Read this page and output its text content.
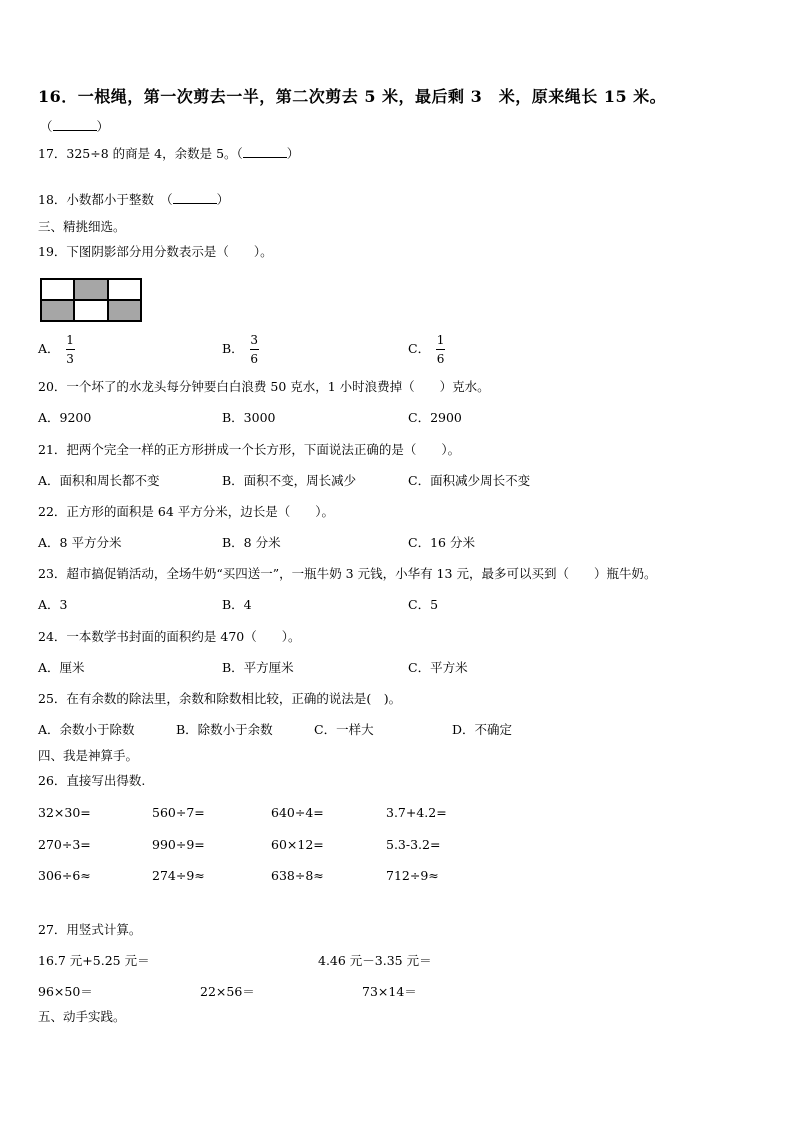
16．一根绳，第一次剪去一半，第二次剪去 5 米，最后剩 3　米，原来绳长 15 米。
（	）
17．325÷8 的商是 4，余数是 5。（	）
18．小数都小于整数　（	）
三、精挑细选。
19．下图阴影部分用分数表示是（　　）。
A． $\frac{1}{3}$	B． $\frac{3}{6}$	C． $\frac{1}{6}$
20．一个坏了的水龙头每分钟要白白浪费 50 克水，1 小时浪费掉（　　）克水。
A．9200	B．3000	C．2900
21．把两个完全一样的正方形拼成一个长方形，下面说法正确的是（　　）。
A．面积和周长都不变	B．面积不变，周长减少	C．面积减少周长不变
22．正方形的面积是 64 平方分米，边长是（　　）。
A．8 平方分米	B．8 分米	C．16 分米
23．超市搞促销活动，全场牛奶“买四送一”，一瓶牛奶 3 元钱，小华有 13 元，最多可以买到（　　）瓶牛奶。
A．3	B．4	C．5
24．一本数学书封面的面积约是 470（　　）。
A．厘米	B．平方厘米	C．平方米
25．在有余数的除法里，余数和除数相比较，正确的说法是(　)。
A．余数小于除数	B．除数小于余数	C．一样大	D．不确定
四、我是神算手。
26．直接写出得数.
32×30=	560÷7=	640÷4=	3.7+4.2=
270÷3=	990÷9=	60×12=	5.3-3.2=
306÷6≈	274÷9≈	638÷8≈	712÷9≈
27．用竖式计算。
16.7 元+5.25 元＝	4.46 元－3.35 元＝
96×50＝	22×56＝	73×14＝
五、动手实践。
